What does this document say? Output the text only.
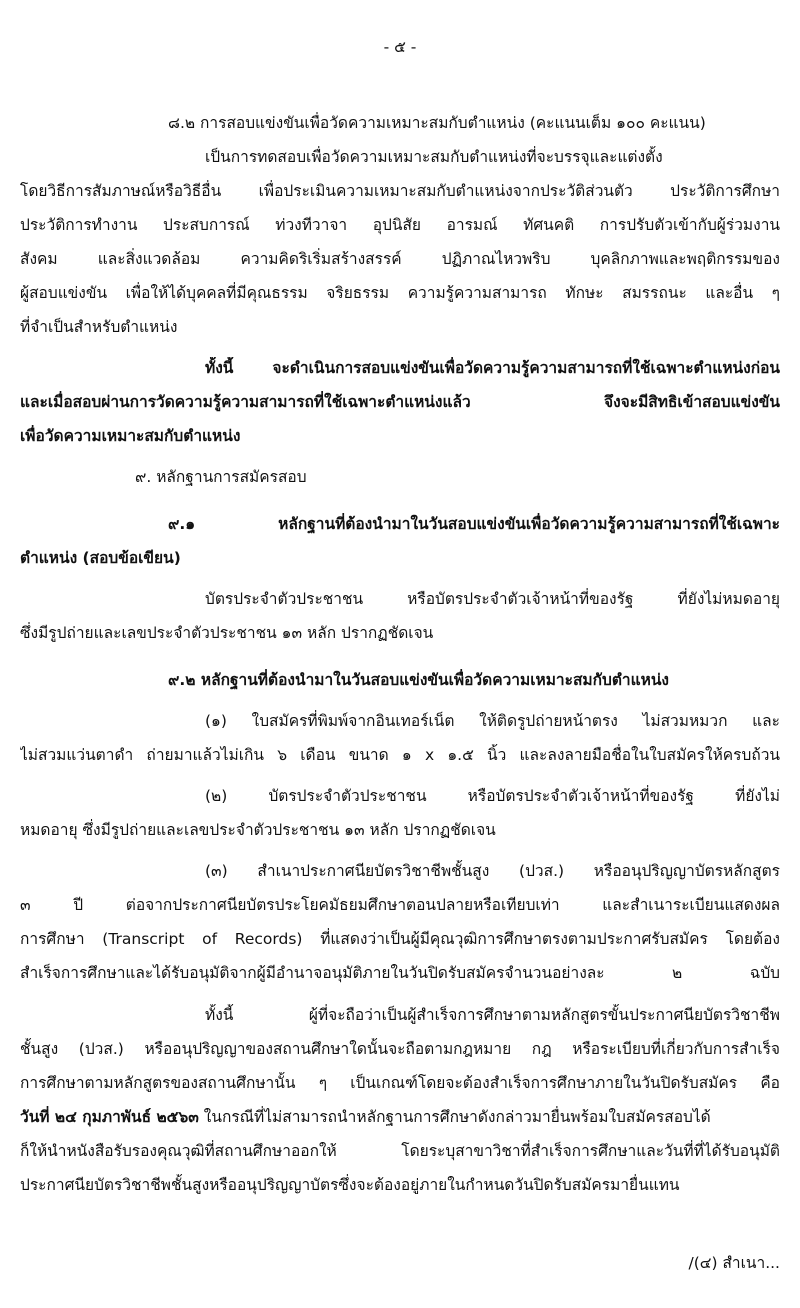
- ๕ -
๘.๒ การสอบแข่งขันเพื่อวัดความเหมาะสมกับตำแหน่ง (คะแนนเต็ม ๑๐๐ คะแนน)
เป็นการทดสอบเพื่อวัดความเหมาะสมกับตำแหน่งที่จะบรรจุและแต่งตั้ง
โดยวิธีการสัมภาษณ์หรือวิธีอื่น เพื่อประเมินความเหมาะสมกับตำแหน่งจากประวัติส่วนตัว ประวัติการศึกษา
ประวัติการทำงาน ประสบการณ์ ท่วงทีวาจา อุปนิสัย อารมณ์ ทัศนคติ การปรับตัวเข้ากับผู้ร่วมงาน
สังคม และสิ่งแวดล้อม ความคิดริเริ่มสร้างสรรค์ ปฏิภาณไหวพริบ บุคลิกภาพและพฤติกรรมของ
ผู้สอบแข่งขัน เพื่อให้ได้บุคคลที่มีคุณธรรม จริยธรรม ความรู้ความสามารถ ทักษะ สมรรถนะ และอื่น ๆ
ที่จำเป็นสำหรับตำแหน่ง
ทั้งนี้ จะดำเนินการสอบแข่งขันเพื่อวัดความรู้ความสามารถที่ใช้เฉพาะตำแหน่งก่อน
และเมื่อสอบผ่านการวัดความรู้ความสามารถที่ใช้เฉพาะตำแหน่งแล้ว จึงจะมีสิทธิเข้าสอบแข่งขัน
เพื่อวัดความเหมาะสมกับตำแหน่ง
๙. หลักฐานการสมัครสอบ
๙.๑ หลักฐานที่ต้องนำมาในวันสอบแข่งขันเพื่อวัดความรู้ความสามารถที่ใช้เฉพาะ
ตำแหน่ง (สอบข้อเขียน)
บัตรประจำตัวประชาชน หรือบัตรประจำตัวเจ้าหน้าที่ของรัฐ ที่ยังไม่หมดอายุ
ซึ่งมีรูปถ่ายและเลขประจำตัวประชาชน ๑๓ หลัก ปรากฏชัดเจน
๙.๒ หลักฐานที่ต้องนำมาในวันสอบแข่งขันเพื่อวัดความเหมาะสมกับตำแหน่ง
(๑) ใบสมัครที่พิมพ์จากอินเทอร์เน็ต ให้ติดรูปถ่ายหน้าตรง ไม่สวมหมวก และ
ไม่สวมแว่นตาดำ ถ่ายมาแล้วไม่เกิน ๖ เดือน ขนาด ๑ x ๑.๕ นิ้ว และลงลายมือชื่อในใบสมัครให้ครบถ้วน
(๒) บัตรประจำตัวประชาชน หรือบัตรประจำตัวเจ้าหน้าที่ของรัฐ ที่ยังไม่
หมดอายุ ซึ่งมีรูปถ่ายและเลขประจำตัวประชาชน ๑๓ หลัก ปรากฏชัดเจน
(๓) สำเนาประกาศนียบัตรวิชาชีพชั้นสูง (ปวส.) หรืออนุปริญญาบัตรหลักสูตร
๓ ปี ต่อจากประกาศนียบัตรประโยคมัธยมศึกษาตอนปลายหรือเทียบเท่า และสำเนาระเบียนแสดงผล
การศึกษา (Transcript of Records) ที่แสดงว่าเป็นผู้มีคุณวุฒิการศึกษาตรงตามประกาศรับสมัคร โดยต้อง
สำเร็จการศึกษาและได้รับอนุมัติจากผู้มีอำนาจอนุมัติภายในวันปิดรับสมัครจำนวนอย่างละ ๒ ฉบับ
ทั้งนี้ ผู้ที่จะถือว่าเป็นผู้สำเร็จการศึกษาตามหลักสูตรขั้นประกาศนียบัตรวิชาชีพ
ชั้นสูง (ปวส.) หรืออนุปริญญาของสถานศึกษาใดนั้นจะถือตามกฎหมาย กฎ หรือระเบียบที่เกี่ยวกับการสำเร็จ
การศึกษาตามหลักสูตรของสถานศึกษานั้น ๆ เป็นเกณฑ์โดยจะต้องสำเร็จการศึกษาภายในวันปิดรับสมัคร คือ
วันที่ ๒๔ กุมภาพันธ์ ๒๕๖๓ ในกรณีที่ไม่สามารถนำหลักฐานการศึกษาดังกล่าวมายื่นพร้อมใบสมัครสอบได้
ก็ให้นำหนังสือรับรองคุณวุฒิที่สถานศึกษาออกให้ โดยระบุสาขาวิชาที่สำเร็จการศึกษาและวันที่ที่ได้รับอนุมัติ
ประกาศนียบัตรวิชาชีพชั้นสูงหรืออนุปริญญาบัตรซึ่งจะต้องอยู่ภายในกำหนดวันปิดรับสมัครมายื่นแทน
/(๔) สำเนา...
